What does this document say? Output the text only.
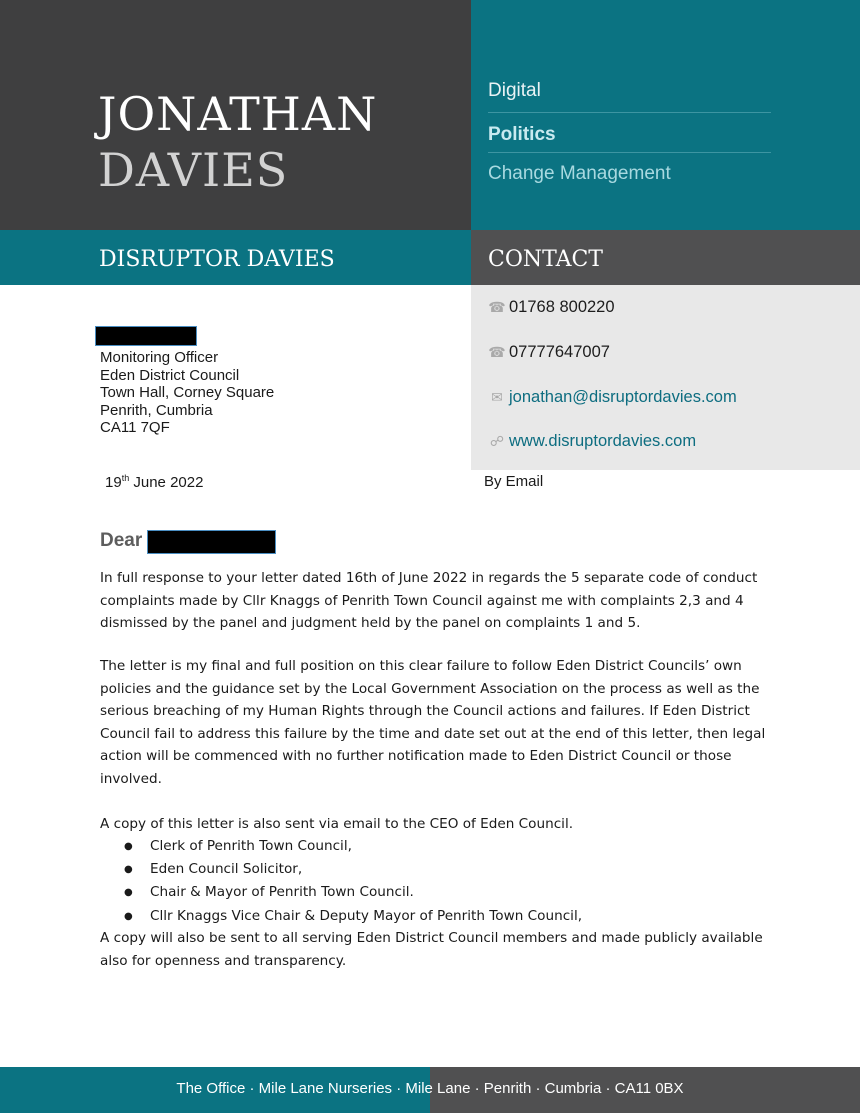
JONATHAN
DAVIES
Digital
Politics
Change Management
DISRUPTOR DAVIES	CONTACT
☎ 01768 800220
☎ 07777647007
✉ jonathan@disruptordavies.com
☍ www.disruptordavies.com
Monitoring Officer
Eden District Council
Town Hall, Corney Square
Penrith, Cumbria
CA11 7QF
19th June 2022	By Email
Dear
In full response to your letter dated 16th of June 2022 in regards the 5 separate code of conduct complaints made by Cllr Knaggs of Penrith Town Council against me with complaints 2,3 and 4 dismissed by the panel and judgment held by the panel on complaints 1 and 5.
The letter is my final and full position on this clear failure to follow Eden District Councils’ own policies and the guidance set by the Local Government Association on the process as well as the serious breaching of my Human Rights through the Council actions and failures. If Eden District Council fail to address this failure by the time and date set out at the end of this letter, then legal action will be commenced with no further notification made to Eden District Council or those involved.
A copy of this letter is also sent via email to the CEO of Eden Council.
● Clerk of Penrith Town Council,
● Eden Council Solicitor,
● Chair & Mayor of Penrith Town Council.
● Cllr Knaggs Vice Chair & Deputy Mayor of Penrith Town Council,
A copy will also be sent to all serving Eden District Council members and made publicly available also for openness and transparency.
The Office · Mile Lane Nurseries · Mile Lane · Penrith · Cumbria · CA11 0BX
